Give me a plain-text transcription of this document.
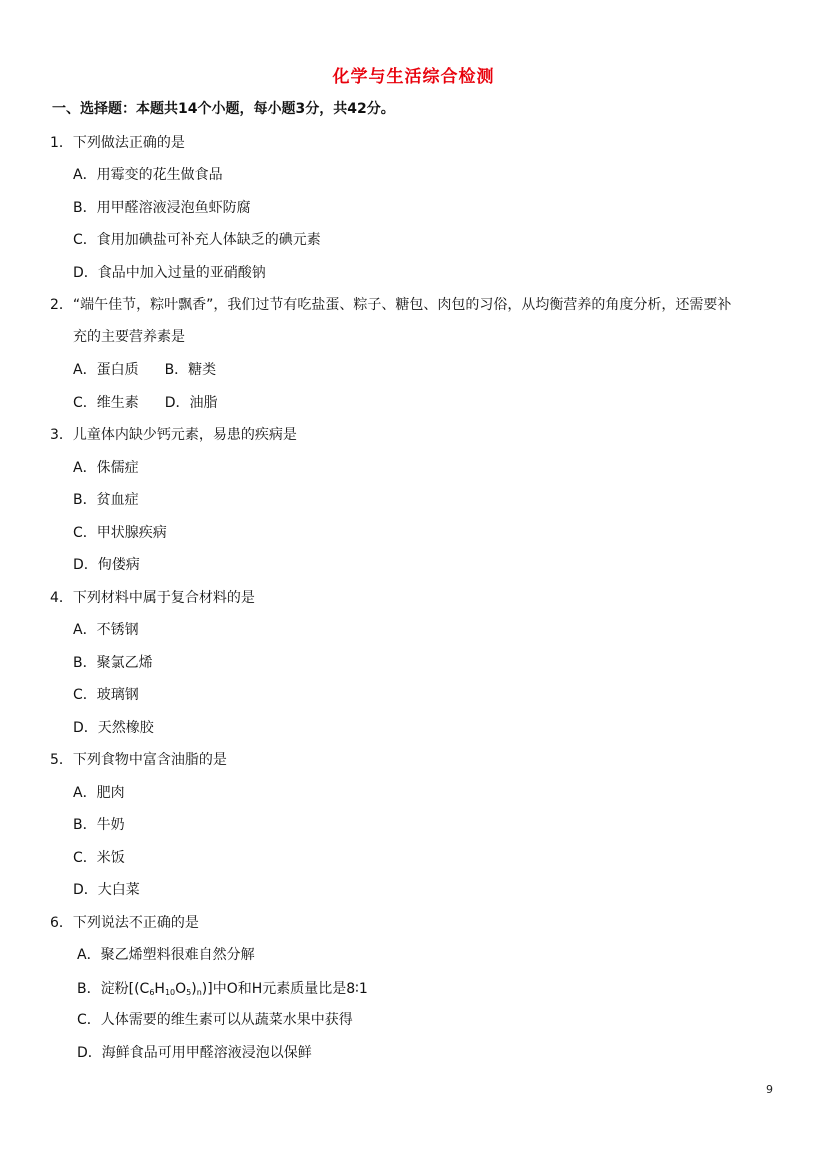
化学与生活综合检测
一、选择题：本题共14个小题，每小题3分，共42分。
1．下列做法正确的是
A．用霉变的花生做食品
B．用甲醛溶液浸泡鱼虾防腐
C．食用加碘盐可补充人体缺乏的碘元素
D．食品中加入过量的亚硝酸钠
2．“端午佳节，粽叶飘香”，我们过节有吃盐蛋、粽子、糖包、肉包的习俗，从均衡营养的角度分析，还需要补
充的主要营养素是
A．蛋白质 B．糖类
C．维生素 D．油脂
3．儿童体内缺少钙元素，易患的疾病是
A．侏儒症
B．贫血症
C．甲状腺疾病
D．佝偻病
4．下列材料中属于复合材料的是
A．不锈钢
B．聚氯乙烯
C．玻璃钢
D．天然橡胶
5．下列食物中富含油脂的是
A．肥肉
B．牛奶
C．米饭
D．大白菜
6．下列说法不正确的是
A．聚乙烯塑料很难自然分解
B．淀粉$[(C_6H_{10}O_5)_n)$]中O和H元素质量比是8∶1
C．人体需要的维生素可以从蔬菜水果中获得
D．海鲜食品可用甲醛溶液浸泡以保鲜
9
